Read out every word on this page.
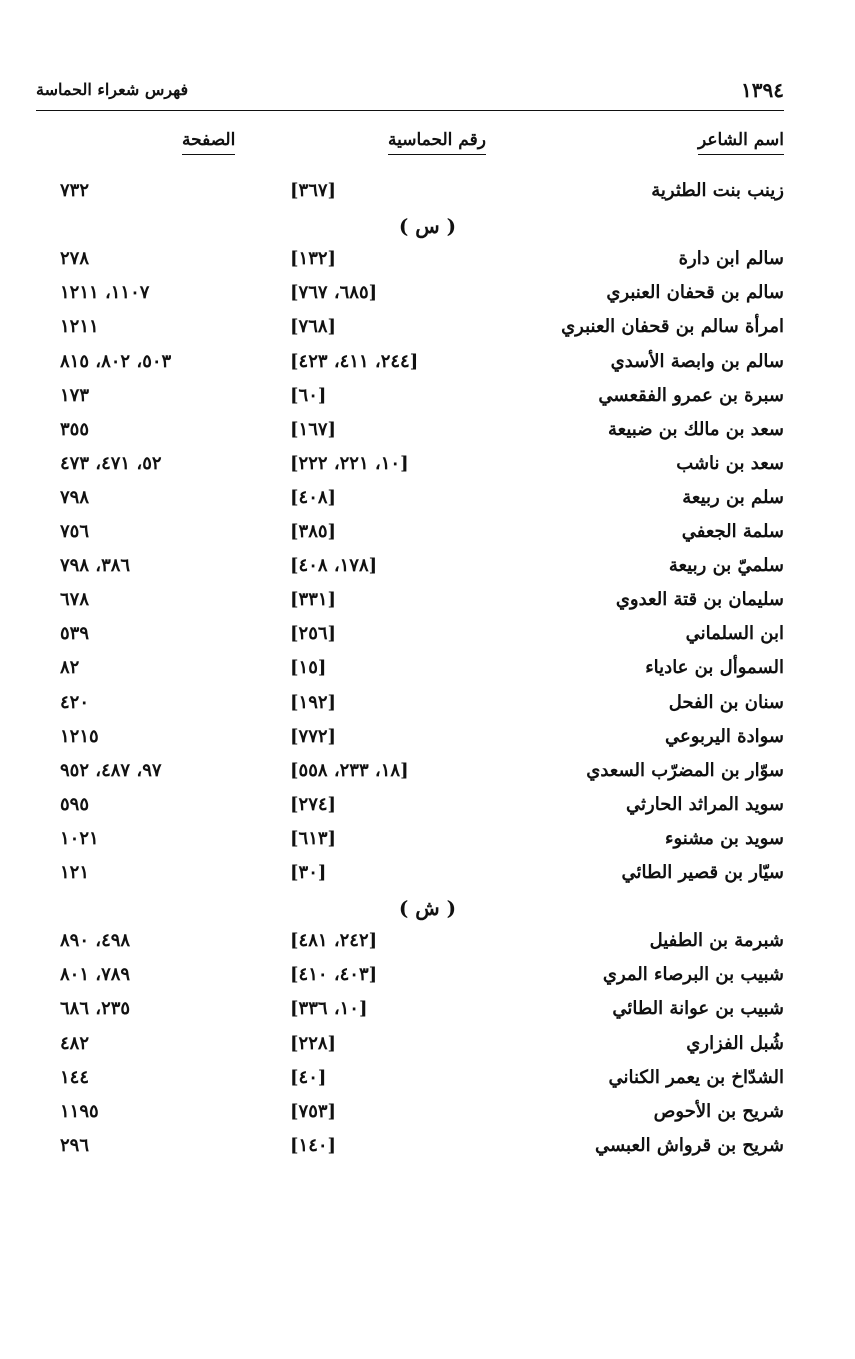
١٣٩٤
فهرس شعراء الحماسة
اسم الشاعر
رقم الحماسية
الصفحة
زينب بنت الطثرية
[٣٦٧]
٧٣٢
( س )
سالم ابن دارة
[١٣٢]
٢٧٨
سالم بن قحفان العنبري
[٦٨٥، ٧٦٧]
١١٠٧، ١٢١١
امرأة سالم بن قحفان العنبري
[٧٦٨]
١٢١١
سالم بن وابصة الأسدي
[٢٤٤، ٤١١، ٤٢٣]
٥٠٣، ٨٠٢، ٨١٥
سبرة بن عمرو الفقعسي
[٦٠]
١٧٣
سعد بن مالك بن ضبيعة
[١٦٧]
٣٥٥
سعد بن ناشب
[١٠، ٢٢١، ٢٢٢]
٥٢، ٤٧١، ٤٧٣
سلم بن ربيعة
[٤٠٨]
٧٩٨
سلمة الجعفي
[٣٨٥]
٧٥٦
سلميّ بن ربيعة
[١٧٨، ٤٠٨]
٣٨٦، ٧٩٨
سليمان بن قتة العدوي
[٣٣١]
٦٧٨
ابن السلماني
[٢٥٦]
٥٣٩
السموأل بن عادياء
[١٥]
٨٢
سنان بن الفحل
[١٩٢]
٤٢٠
سوادة اليربوعي
[٧٧٢]
١٢١٥
سوّار بن المضرّب السعدي
[١٨، ٢٣٣، ٥٥٨]
٩٧، ٤٨٧، ٩٥٢
سويد المراثد الحارثي
[٢٧٤]
٥٩٥
سويد بن مشنوء
[٦١٣]
١٠٢١
سيّار بن قصير الطائي
[٣٠]
١٢١
( ش )
شبرمة بن الطفيل
[٢٤٢، ٤٨١]
٤٩٨، ٨٩٠
شبيب بن البرصاء المري
[٤٠٣، ٤١٠]
٧٨٩، ٨٠١
شبيب بن عوانة الطائي
[١٠، ٣٣٦]
٢٣٥، ٦٨٦
شُبل الفزاري
[٢٢٨]
٤٨٢
الشدّاخ بن يعمر الكناني
[٤٠]
١٤٤
شريح بن الأحوص
[٧٥٣]
١١٩٥
شريح بن قرواش العبسي
[١٤٠]
٢٩٦
